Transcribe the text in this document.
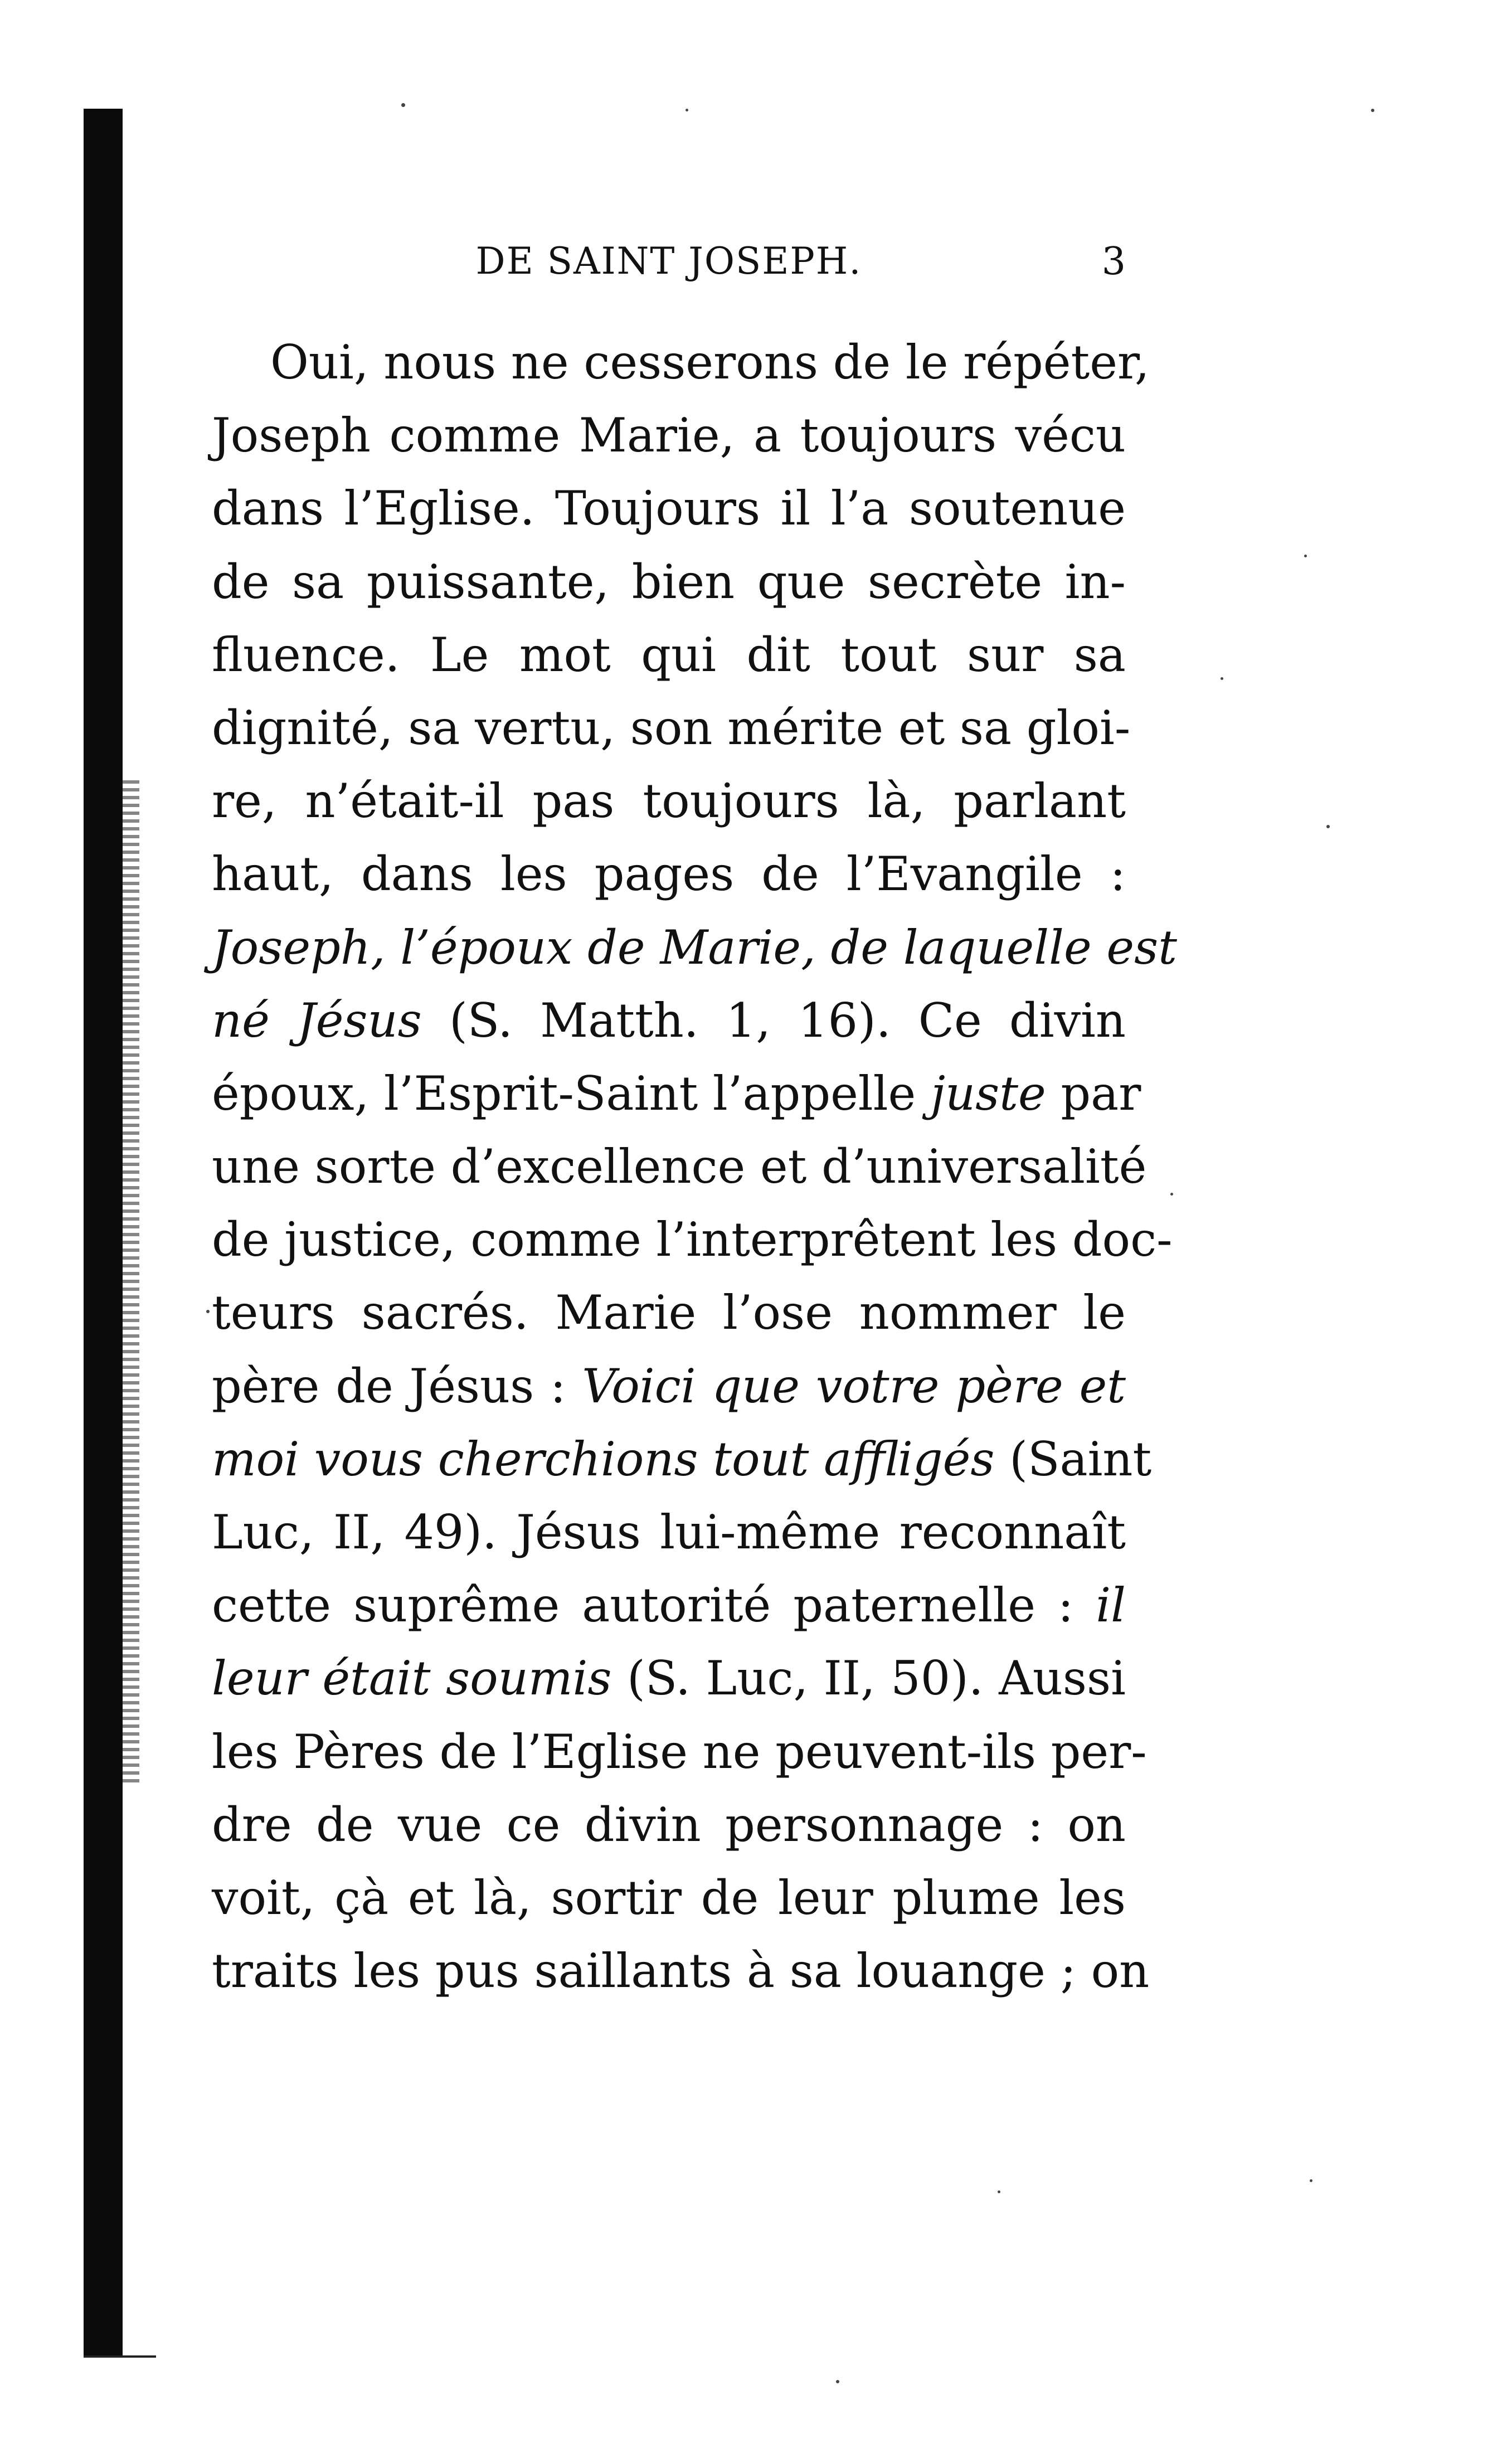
DE SAINT JOSEPH.	3
Oui, nous ne cesserons de le répéter,
Joseph comme Marie, a toujours vécu
dans l’Eglise. Toujours il l’a soutenue
de sa puissante, bien que secrète in-
fluence. Le mot qui dit tout sur sa
dignité, sa vertu, son mérite et sa gloi-
re, n’était-il pas toujours là, parlant
haut, dans les pages de l’Evangile :
Joseph, l’époux de Marie, de laquelle est
né Jésus (S. Matth. 1, 16). Ce divin
époux, l’Esprit-Saint l’appelle juste par
une sorte d’excellence et d’universalité
de justice, comme l’interprêtent les doc-
teurs sacrés. Marie l’ose nommer le
père de Jésus : Voici que votre père et
moi vous cherchions tout affligés (Saint
Luc, II, 49). Jésus lui-même reconnaît
cette suprême autorité paternelle : il
leur était soumis (S. Luc, II, 50). Aussi
les Pères de l’Eglise ne peuvent-ils per-
dre de vue ce divin personnage : on
voit, çà et là, sortir de leur plume les
traits les pus saillants à sa louange ; on
